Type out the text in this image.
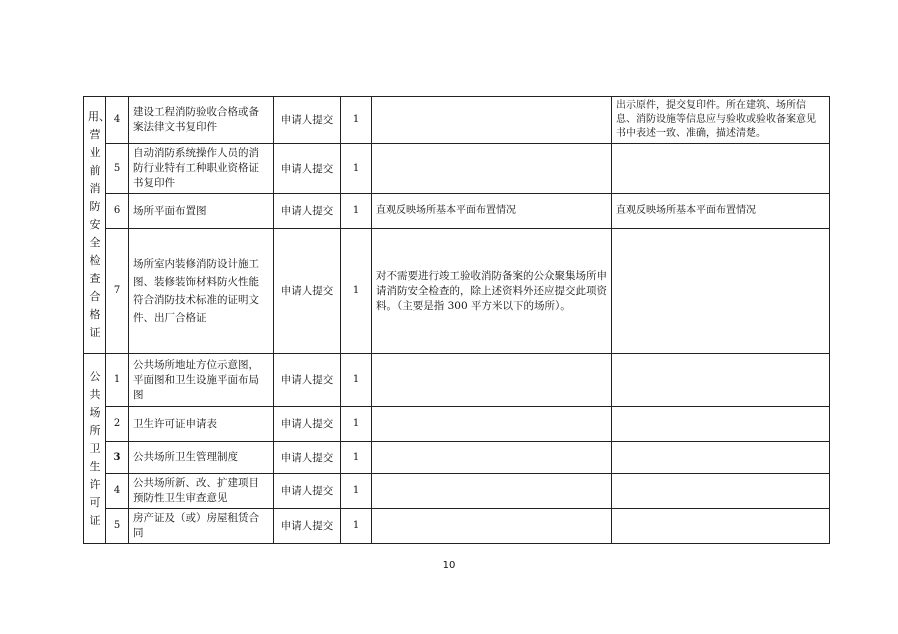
用、营业前消防安全检查合格证	4	建设工程消防验收合格或备案法律文书复印件	申请人提交	1		出示原件，提交复印件。所在建筑、场所信息、消防设施等信息应与验收或验收备案意见书中表述一致、准确，描述清楚。
	5	自动消防系统操作人员的消防行业特有工种职业资格证书复印件	申请人提交	1		
	6	场所平面布置图	申请人提交	1	直观反映场所基本平面布置情况	直观反映场所基本平面布置情况
	7	场所室内装修消防设计施工图、装修装饰材料防火性能符合消防技术标准的证明文件、出厂合格证	申请人提交	1	对不需要进行竣工验收消防备案的公众聚集场所申请消防安全检查的，除上述资料外还应提交此项资料。（主要是指 300 平方米以下的场所）。	

公共场所卫生许可证	1	公共场所地址方位示意图，平面图和卫生设施平面布局图	申请人提交	1		
	2	卫生许可证申请表	申请人提交	1		
	3	公共场所卫生管理制度	申请人提交	1		
	4	公共场所新、改、扩建项目预防性卫生审查意见	申请人提交	1		
	5	房产证及（或）房屋租赁合同	申请人提交	1		
10
